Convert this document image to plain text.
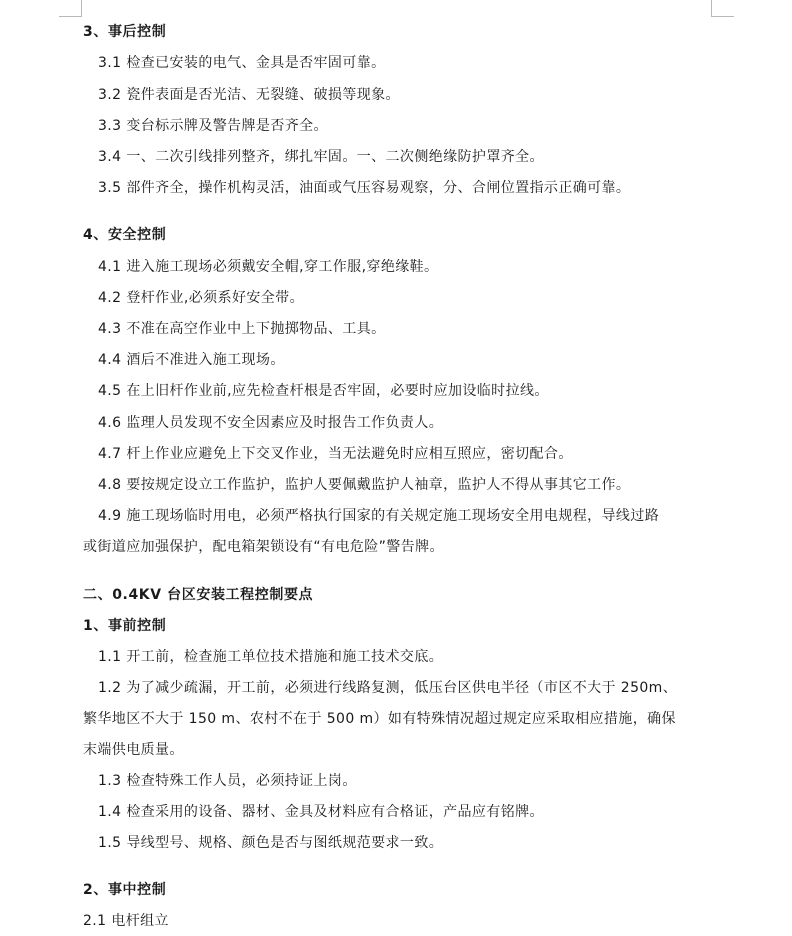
3、事后控制
3.1 检查已安装的电气、金具是否牢固可靠。
3.2 瓷件表面是否光洁、无裂缝、破损等现象。
3.3 变台标示牌及警告牌是否齐全。
3.4 一、二次引线排列整齐，绑扎牢固。一、二次侧绝缘防护罩齐全。
3.5 部件齐全，操作机构灵活，油面或气压容易观察，分、合闸位置指示正确可靠。
4、安全控制
4.1 进入施工现场必须戴安全帽,穿工作服,穿绝缘鞋。
4.2 登杆作业,必须系好安全带。
4.3 不准在高空作业中上下抛掷物品、工具。
4.4 酒后不准进入施工现场。
4.5 在上旧杆作业前,应先检查杆根是否牢固，必要时应加设临时拉线。
4.6 监理人员发现不安全因素应及时报告工作负责人。
4.7 杆上作业应避免上下交叉作业，当无法避免时应相互照应，密切配合。
4.8 要按规定设立工作监护，监护人要佩戴监护人袖章，监护人不得从事其它工作。
4.9 施工现场临时用电，必须严格执行国家的有关规定施工现场安全用电规程，导线过路
或街道应加强保护，配电箱架锁设有“有电危险”警告牌。
二、0.4KV 台区安装工程控制要点
1、事前控制
1.1 开工前，检查施工单位技术措施和施工技术交底。
1.2 为了减少疏漏，开工前，必须进行线路复测，低压台区供电半径（市区不大于 250m、
繁华地区不大于 150 m、农村不在于 500 m）如有特殊情况超过规定应采取相应措施，确保
末端供电质量。
1.3 检查特殊工作人员，必须持证上岗。
1.4 检查采用的设备、器材、金具及材料应有合格证，产品应有铭牌。
1.5 导线型号、规格、颜色是否与图纸规范要求一致。
2、事中控制
2.1 电杆组立
